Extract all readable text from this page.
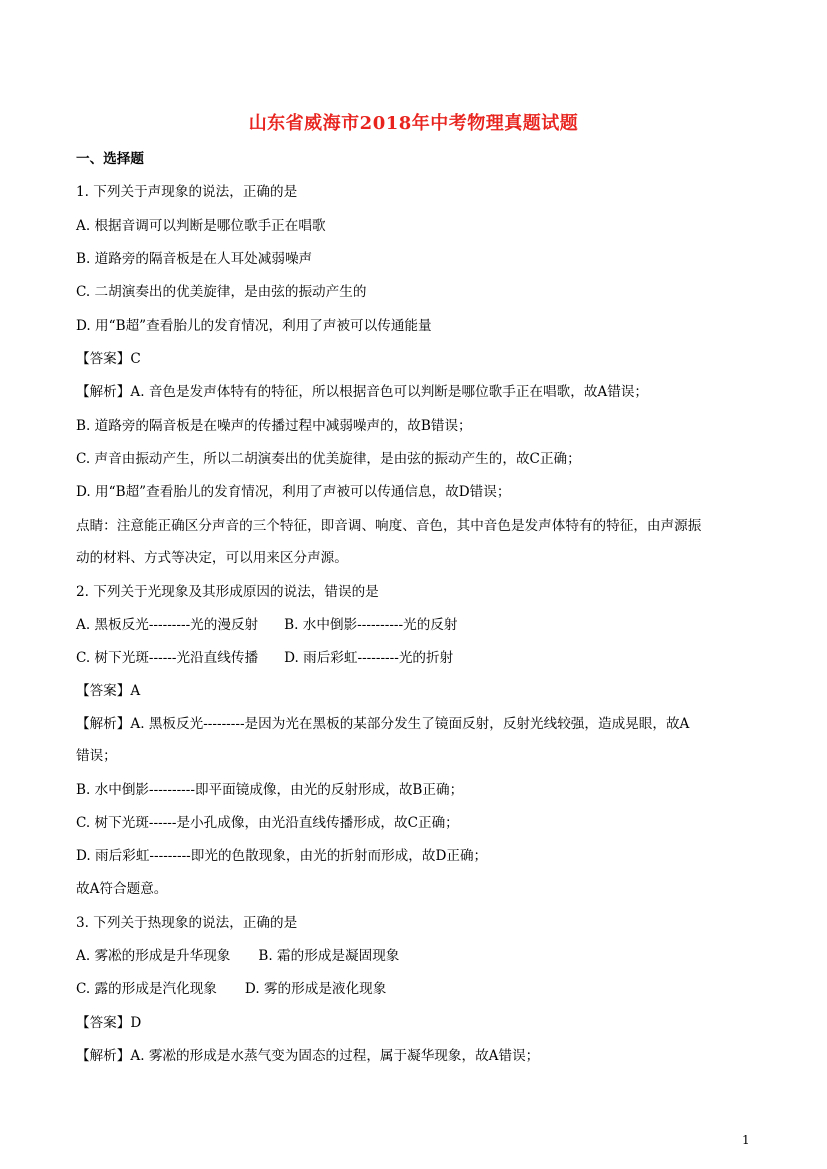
山东省威海市2018年中考物理真题试题
一、选择题
1. 下列关于声现象的说法，正确的是
A. 根据音调可以判断是哪位歌手正在唱歌
B. 道路旁的隔音板是在人耳处减弱噪声
C. 二胡演奏出的优美旋律，是由弦的振动产生的
D. 用“B超”查看胎儿的发育情况，利用了声被可以传通能量
【答案】C
【解析】A. 音色是发声体特有的特征，所以根据音色可以判断是哪位歌手正在唱歌，故A错误；
B. 道路旁的隔音板是在噪声的传播过程中减弱噪声的，故B错误；
C. 声音由振动产生，所以二胡演奏出的优美旋律，是由弦的振动产生的，故C正确；
D. 用“B超”查看胎儿的发育情况，利用了声被可以传通信息，故D错误；
点睛：注意能正确区分声音的三个特征，即音调、响度、音色，其中音色是发声体特有的特征，由声源振
动的材料、方式等决定，可以用来区分声源。
2. 下列关于光现象及其形成原因的说法，错误的是
A. 黑板反光---------光的漫反射 B. 水中倒影----------光的反射
C. 树下光斑------光沿直线传播 D. 雨后彩虹---------光的折射
【答案】A
【解析】A. 黑板反光---------是因为光在黑板的某部分发生了镜面反射，反射光线较强，造成晃眼，故A
错误；
B. 水中倒影----------即平面镜成像，由光的反射形成，故B正确；
C. 树下光斑------是小孔成像，由光沿直线传播形成，故C正确；
D. 雨后彩虹---------即光的色散现象，由光的折射而形成，故D正确；
故A符合题意。
3. 下列关于热现象的说法，正确的是
A. 雾凇的形成是升华现象 B. 霜的形成是凝固现象
C. 露的形成是汽化现象 D. 雾的形成是液化现象
【答案】D
【解析】A. 雾凇的形成是水蒸气变为固态的过程，属于凝华现象，故A错误；
1
